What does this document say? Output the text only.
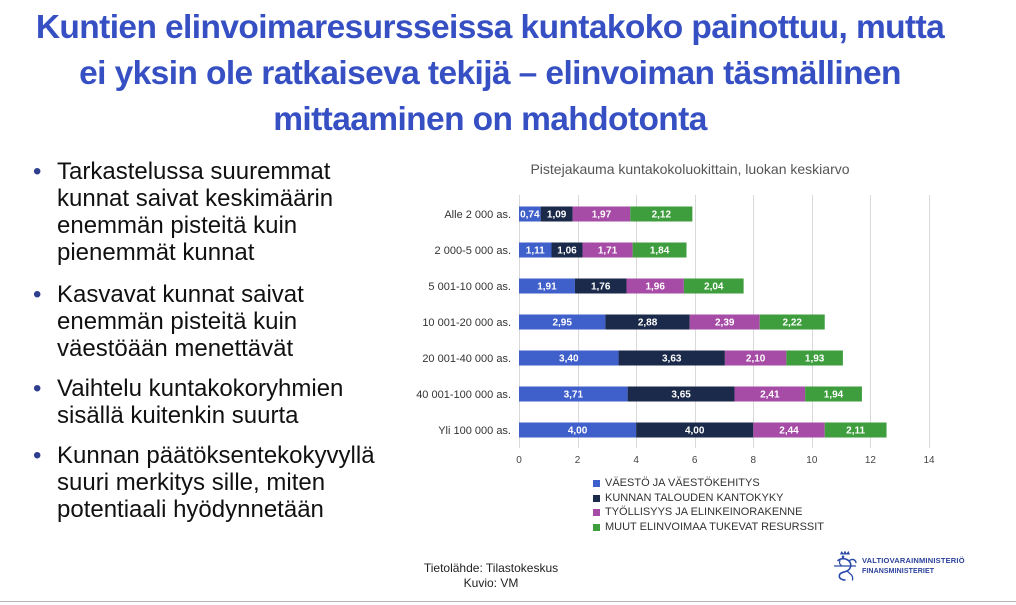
Kuntien elinvoimaresursseissa kuntakoko painottuu, mutta
ei yksin ole ratkaiseva tekijä – elinvoiman täsmällinen
mittaaminen on mahdotonta
• Tarkastelussa suuremmat kunnat saivat keskimäärin enemmän pisteitä kuin pienemmät kunnat
• Kasvavat kunnat saivat enemmän pisteitä kuin väestöään menettävät
• Vaihtelu kuntakokoryhmien sisällä kuitenkin suurta
• Kunnan päätöksentekokyvyllä suuri merkitys sille, miten potentiaali hyödynnetään
Pistejakauma kuntakokoluokittain, luokan keskiarvo
0	2	4	6	8	10	12	14
0,74 1,09	1,97	2,12
1,11 1,06 1,71	1,84
1,91	1,76	1,96	2,04
2,95	2,88	2,39	2,22
3,40	3,63	2,10	1,93
3,71	3,65	2,41	1,94
4,00	4,00	2,44	2,11
Alle 2 000 as.
2 000-5 000 as.
5 001-10 000 as.
10 001-20 000 as.
20 001-40 000 as.
40 001-100 000 as.
Yli 100 000 as.
VÄESTÖ JA VÄESTÖKEHITYS
KUNNAN TALOUDEN KANTOKYKY
TYÖLLISYYS JA ELINKEINORAKENNE
MUUT ELINVOIMAA TUKEVAT RESURSSIT
Tietolähde: Tilastokeskus
Kuvio: VM
VALTIOVARAINMINISTERIÖ
FINANSMINISTERIET
